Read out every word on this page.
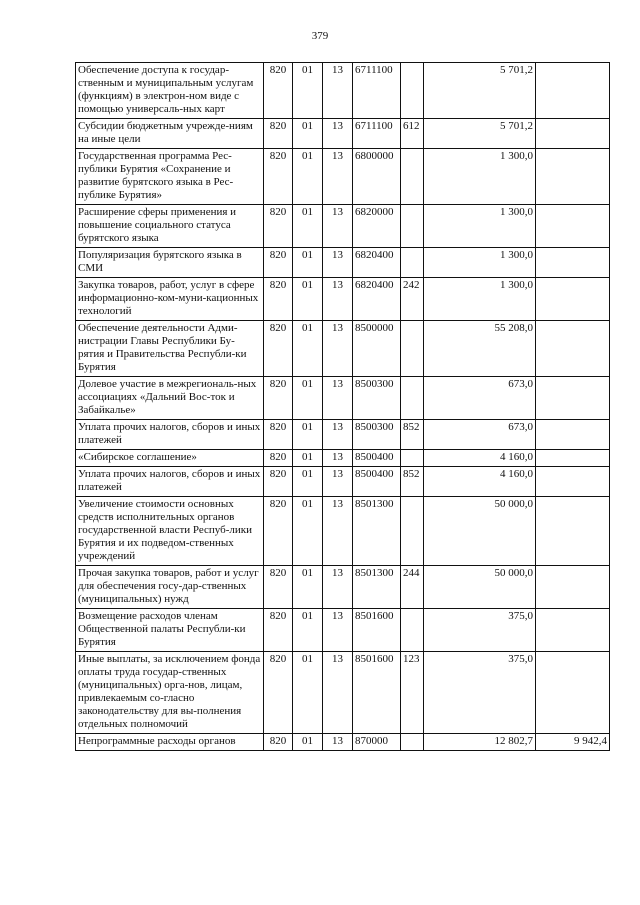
379
Обеспечение доступа к государ-ственным и муниципальным услугам (функциям) в электрон-ном виде с помощью универсаль-ных карт	820	01	13	6711100		5 701,2	
Субсидии бюджетным учрежде-ниям на иные цели	820	01	13	6711100	612	5 701,2	
Государственная программа Рес-публики Бурятия «Сохранение и развитие бурятского языка в Рес-публике Бурятия»	820	01	13	6800000		1 300,0	
Расширение сферы применения и повышение социального статуса бурятского языка	820	01	13	6820000		1 300,0	
Популяризация бурятского языка в СМИ	820	01	13	6820400		1 300,0	
Закупка товаров, работ, услуг в сфере информационно-ком-муни-кационных технологий	820	01	13	6820400	242	1 300,0	
Обеспечение деятельности Адми-нистрации Главы Республики Бу-рятия и Правительства Республи-ки Бурятия	820	01	13	8500000		55 208,0	
Долевое участие в межрегиональ-ных ассоциациях «Дальний Вос-ток и Забайкалье»	820	01	13	8500300		673,0	
Уплата прочих налогов, сборов и иных платежей	820	01	13	8500300	852	673,0	
«Сибирское соглашение»	820	01	13	8500400		4 160,0	
Уплата прочих налогов, сборов и иных платежей	820	01	13	8500400	852	4 160,0	
Увеличение стоимости основных средств исполнительных органов государственной власти Респуб-лики Бурятия и их подведом-ственных учреждений	820	01	13	8501300		50 000,0	
Прочая закупка товаров, работ и услуг для обеспечения госу-дар-ственных (муниципальных) нужд	820	01	13	8501300	244	50 000,0	
Возмещение расходов членам Общественной палаты Республи-ки Бурятия	820	01	13	8501600		375,0	
Иные выплаты, за исключением фонда оплаты труда государ-ственных (муниципальных) орга-нов, лицам, привлекаемым со-гласно законодательству для вы-полнения отдельных полномочий	820	01	13	8501600	123	375,0	
Непрограммные расходы органов	820	01	13	870000		12 802,7	9 942,4
